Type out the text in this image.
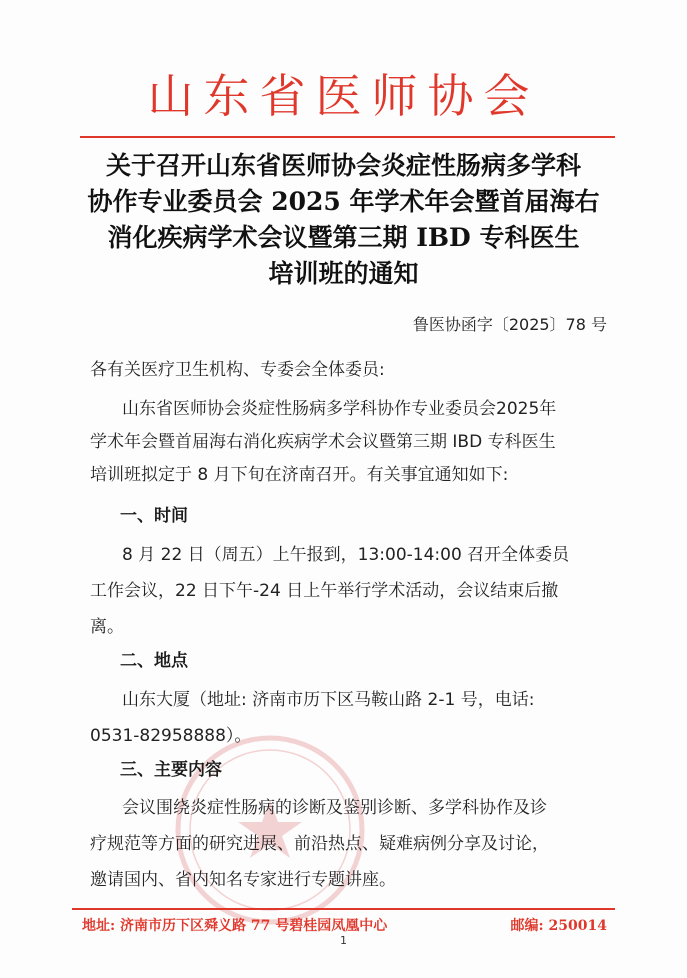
山东省医师协会
关于召开山东省医师协会炎症性肠病多学科
协作专业委员会 2025 年学术年会暨首届海右
消化疾病学术会议暨第三期 IBD 专科医生
培训班的通知
鲁医协函字〔2025〕78 号
各有关医疗卫生机构、专委会全体委员:
山东省医师协会炎症性肠病多学科协作专业委员会2025年
学术年会暨首届海右消化疾病学术会议暨第三期 IBD 专科医生
培训班拟定于 8 月下旬在济南召开。有关事宜通知如下:
一、时间
8 月 22 日（周五）上午报到，13:00-14:00 召开全体委员
工作会议，22 日下午-24 日上午举行学术活动，会议结束后撤
离。
二、地点
山东大厦（地址: 济南市历下区马鞍山路 2-1 号，电话:
0531-82958888）。
三、主要内容
会议围绕炎症性肠病的诊断及鉴别诊断、多学科协作及诊
疗规范等方面的研究进展、前沿热点、疑难病例分享及讨论，
邀请国内、省内知名专家进行专题讲座。
地址: 济南市历下区舜义路 77 号碧桂园凤凰中心	邮编: 250014
1
